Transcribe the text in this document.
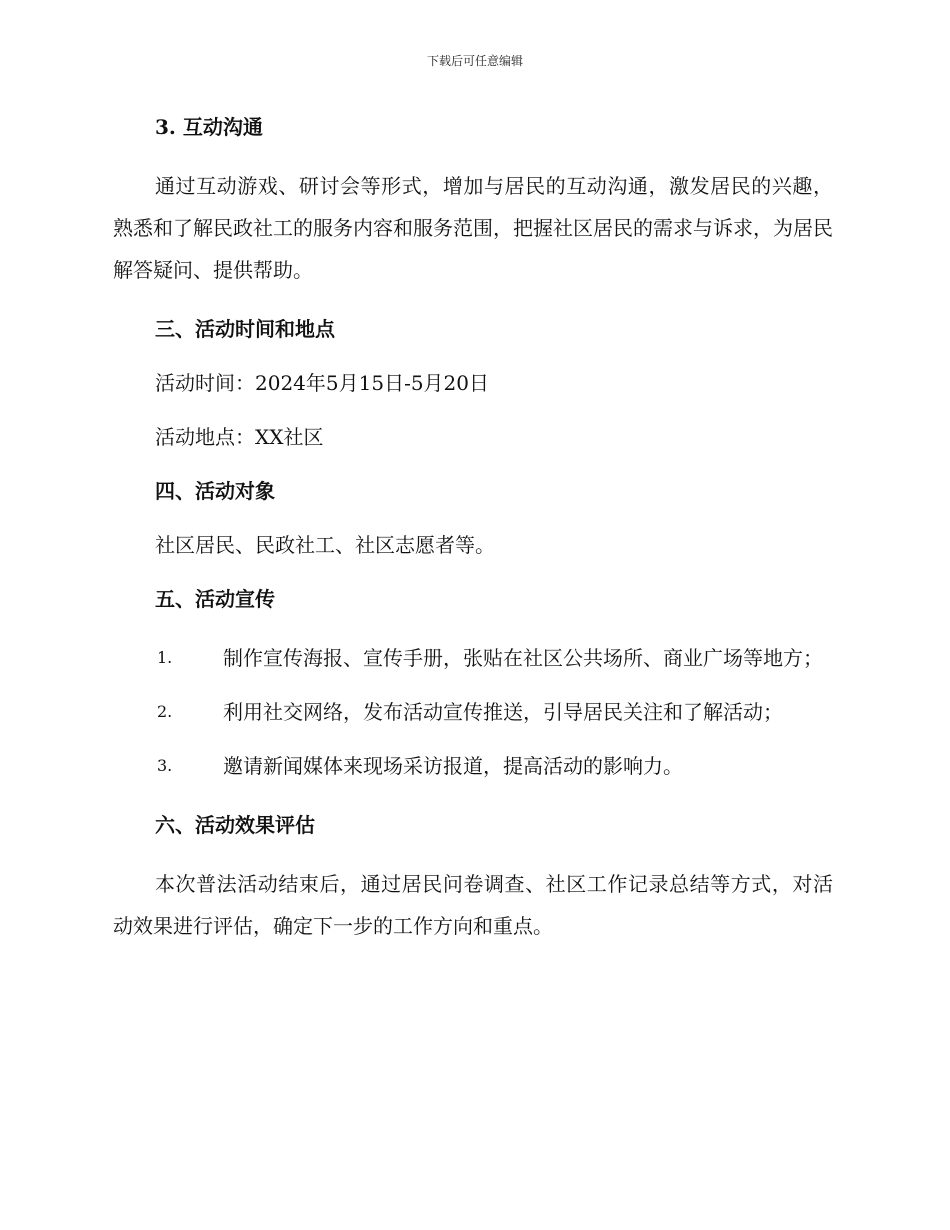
下载后可任意编辑
3. 互动沟通

通过互动游戏、研讨会等形式，增加与居民的互动沟通，激发居民的兴趣，熟悉和了解民政社工的服务内容和服务范围，把握社区居民的需求与诉求，为居民解答疑问、提供帮助。

三、活动时间和地点
活动时间：2024年5月15日-5月20日
活动地点：XX社区
四、活动对象
社区居民、民政社工、社区志愿者等。
五、活动宣传
1.	制作宣传海报、宣传手册，张贴在社区公共场所、商业广场等地方；
2.	利用社交网络，发布活动宣传推送，引导居民关注和了解活动；
3.	邀请新闻媒体来现场采访报道，提高活动的影响力。
六、活动效果评估

本次普法活动结束后，通过居民问卷调查、社区工作记录总结等方式，对活动效果进行评估，确定下一步的工作方向和重点。
